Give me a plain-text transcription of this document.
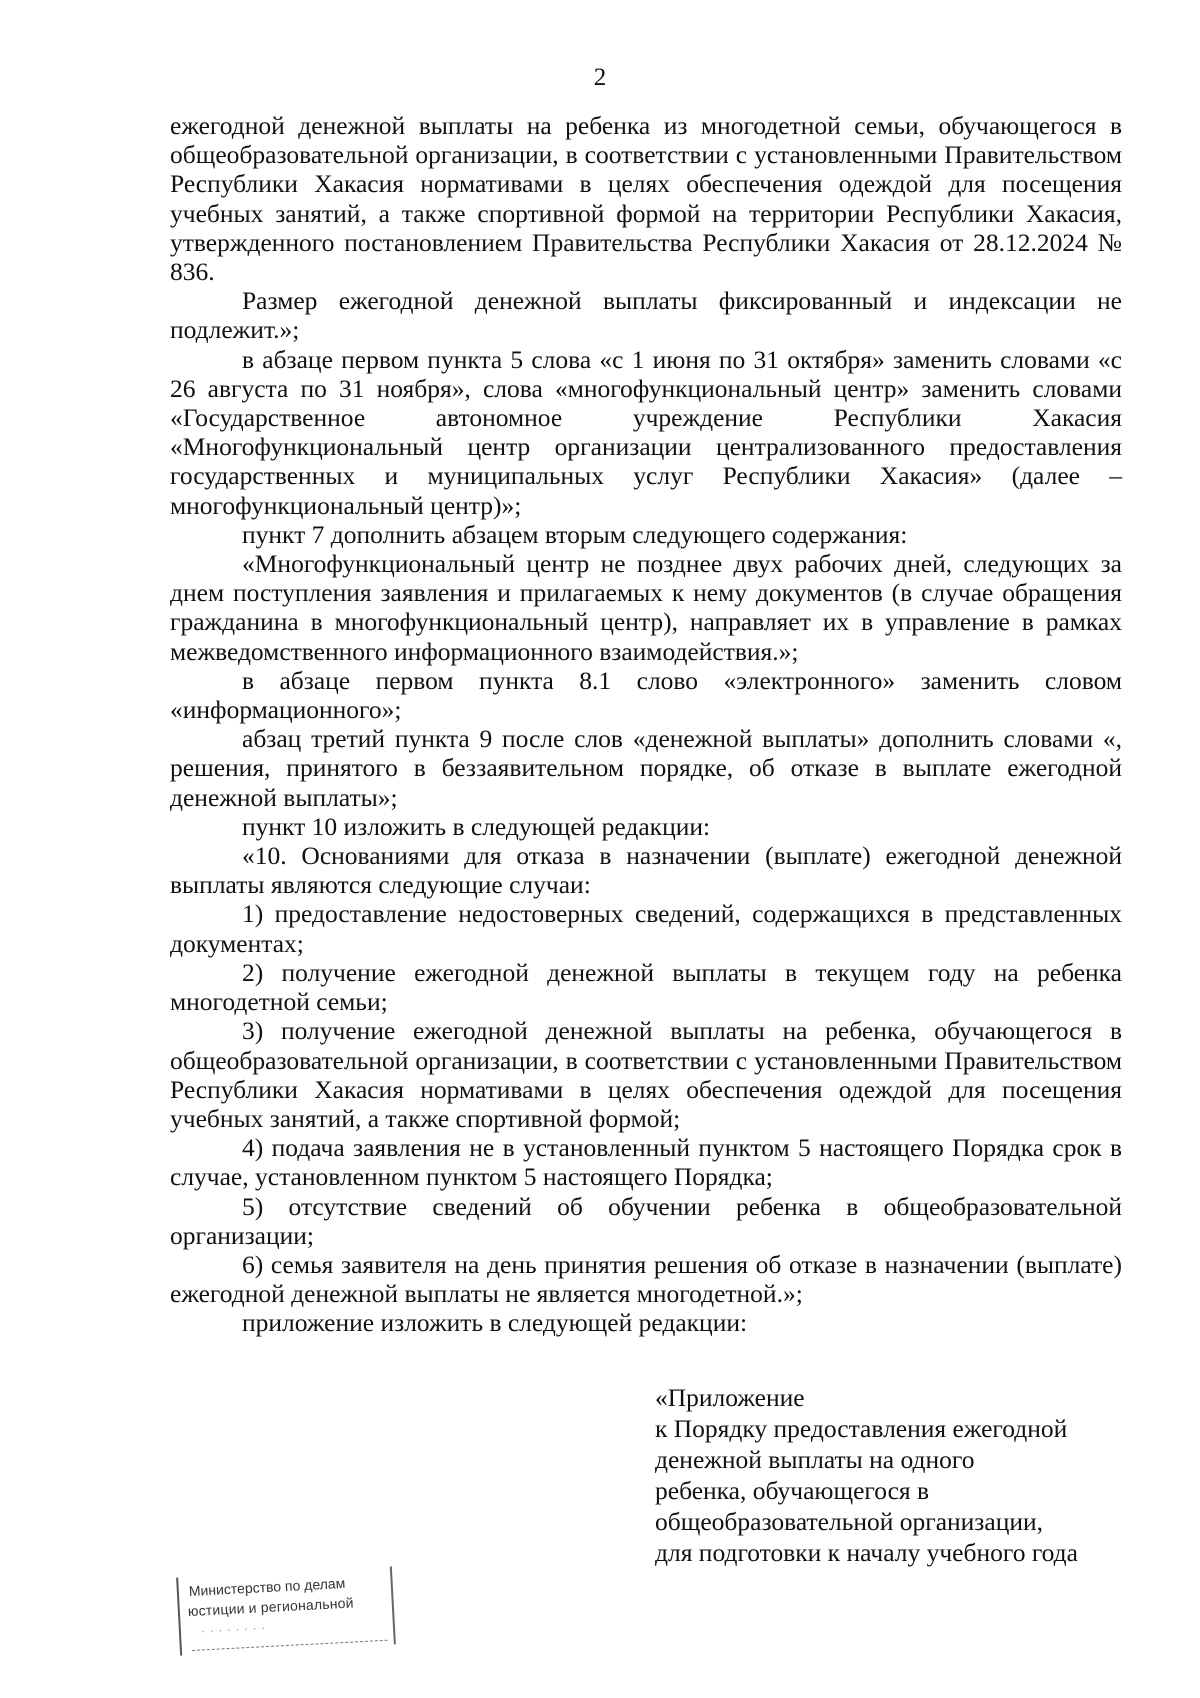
2

ежегодной денежной выплаты на ребенка из многодетной семьи, обучающегося в общеобразовательной организации, в соответствии с установленными Правительством Республики Хакасия нормативами в целях обеспечения одеждой для посещения учебных занятий, а также спортивной формой на территории Республики Хакасия, утвержденного постановлением Правительства Республики Хакасия от 28.12.2024 № 836.

Размер ежегодной денежной выплаты фиксированный и индексации не подлежит.»;

в абзаце первом пункта 5 слова «с 1 июня по 31 октября» заменить словами «с 26 августа по 31 ноября», слова «многофункциональный центр» заменить словами «Государственное автономное учреждение Республики Хакасия «Многофункциональный центр организации централизованного предоставления государственных и муниципальных услуг Республики Хакасия» (далее – многофункциональный центр)»;

пункт 7 дополнить абзацем вторым следующего содержания:

«Многофункциональный центр не позднее двух рабочих дней, следующих за днем поступления заявления и прилагаемых к нему документов (в случае обращения гражданина в многофункциональный центр), направляет их в управление в рамках межведомственного информационного взаимодействия.»;

в абзаце первом пункта 8.1 слово «электронного» заменить словом «информационного»;

абзац третий пункта 9 после слов «денежной выплаты» дополнить словами «, решения, принятого в беззаявительном порядке, об отказе в выплате ежегодной денежной выплаты»;

пункт 10 изложить в следующей редакции:

«10. Основаниями для отказа в назначении (выплате) ежегодной денежной выплаты являются следующие случаи:

1) предоставление недостоверных сведений, содержащихся в представленных документах;

2) получение ежегодной денежной выплаты в текущем году на ребенка многодетной семьи;

3) получение ежегодной денежной выплаты на ребенка, обучающегося в общеобразовательной организации, в соответствии с установленными Правительством Республики Хакасия нормативами в целях обеспечения одеждой для посещения учебных занятий, а также спортивной формой;

4) подача заявления не в установленный пунктом 5 настоящего Порядка срок в случае, установленном пунктом 5 настоящего Порядка;

5) отсутствие сведений об обучении ребенка в общеобразовательной организации;

6) семья заявителя на день принятия решения об отказе в назначении (выплате) ежегодной денежной выплаты не является многодетной.»;

приложение изложить в следующей редакции:

«Приложение
к Порядку предоставления ежегодной
денежной выплаты на одного
ребенка, обучающегося в
общеобразовательной организации,
для подготовки к началу учебного года
Министерство по делам
юстиции и региональной
· · · · · · · ·
